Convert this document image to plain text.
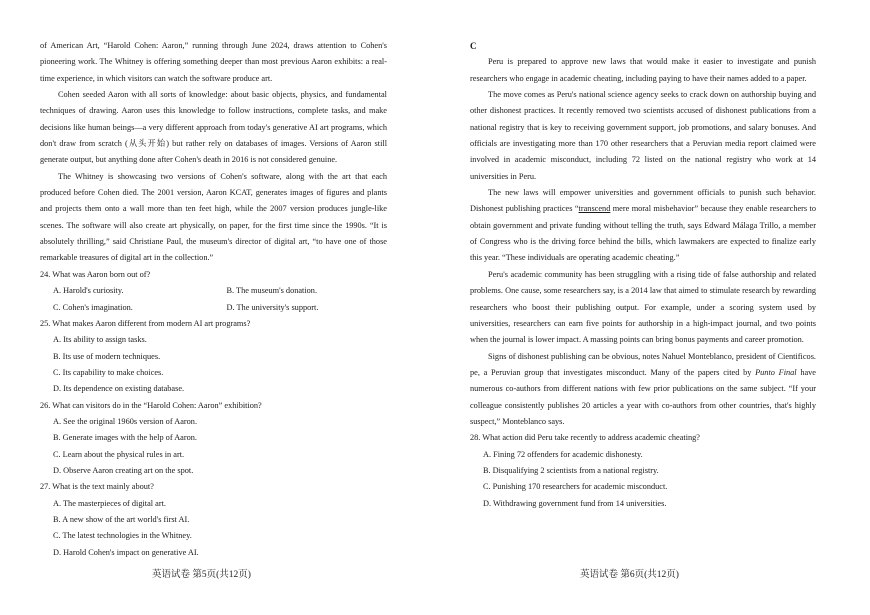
of American Art, “Harold Cohen: Aaron,” running through June 2024, draws attention to Cohen's pioneering work. The Whitney is offering something deeper than most previous Aaron exhibits: a real-time experience, in which visitors can watch the software produce art.

Cohen seeded Aaron with all sorts of knowledge: about basic objects, physics, and fundamental techniques of drawing. Aaron uses this knowledge to follow instructions, complete tasks, and make decisions like human beings—a very different approach from today's generative AI art programs, which don't draw from scratch (从头开始) but rather rely on databases of images. Versions of Aaron still generate output, but anything done after Cohen's death in 2016 is not considered genuine.

The Whitney is showcasing two versions of Cohen's software, along with the art that each produced before Cohen died. The 2001 version, Aaron KCAT, generates images of figures and plants and projects them onto a wall more than ten feet high, while the 2007 version produces jungle-like scenes. The software will also create art physically, on paper, for the first time since the 1990s. “It is absolutely thrilling,” said Christiane Paul, the museum's director of digital art, “to have one of those remarkable treasures of digital art in the collection.”

24. What was Aaron born out of?

A. Harold's curiosity.	B. The museum's donation.
C. Cohen's imagination.	D. The university's support.

25. What makes Aaron different from modern AI art programs?

A. Its ability to assign tasks.

B. Its use of modern techniques.

C. Its capability to make choices.

D. Its dependence on existing database.

26. What can visitors do in the “Harold Cohen: Aaron” exhibition?

A. See the original 1960s version of Aaron.

B. Generate images with the help of Aaron.

C. Learn about the physical rules in art.

D. Observe Aaron creating art on the spot.

27. What is the text mainly about?

A. The masterpieces of digital art.

B. A new show of the art world's first AI.

C. The latest technologies in the Whitney.

D. Harold Cohen's impact on generative AI.

英语试卷 第5页(共12页)

C

Peru is prepared to approve new laws that would make it easier to investigate and punish researchers who engage in academic cheating, including paying to have their names added to a paper.

The move comes as Peru's national science agency seeks to crack down on authorship buying and other dishonest practices. It recently removed two scientists accused of dishonest publications from a national registry that is key to receiving government support, job promotions, and salary bonuses. And officials are investigating more than 170 other researchers that a Peruvian media report claimed were involved in academic misconduct, including 72 listed on the national registry who work at 14 universities in Peru.

The new laws will empower universities and government officials to punish such behavior. Dishonest publishing practices “transcend mere moral misbehavior” because they enable researchers to obtain government and private funding without telling the truth, says Edward Málaga Trillo, a member of Congress who is the driving force behind the bills, which lawmakers are expected to finalize early this year. “These individuals are operating academic cheating.”

Peru's academic community has been struggling with a rising tide of false authorship and related problems. One cause, some researchers say, is a 2014 law that aimed to stimulate research by rewarding researchers who boost their publishing output. For example, under a scoring system used by universities, researchers can earn five points for authorship in a high-impact journal, and two points when the journal is lower impact. A massing points can bring bonus payments and career promotion.

Signs of dishonest publishing can be obvious, notes Nahuel Monteblanco, president of Cientificos. pe, a Peruvian group that investigates misconduct. Many of the papers cited by Punto Final have numerous co-authors from different nations with few prior publications on the same subject. “If your colleague consistently publishes 20 articles a year with co-authors from other countries, that's highly suspect,” Monteblanco says.

28. What action did Peru take recently to address academic cheating?

A. Fining 72 offenders for academic dishonesty.

B. Disqualifying 2 scientists from a national registry.

C. Punishing 170 researchers for academic misconduct.

D. Withdrawing government fund from 14 universities.

英语试卷 第6页(共12页)
